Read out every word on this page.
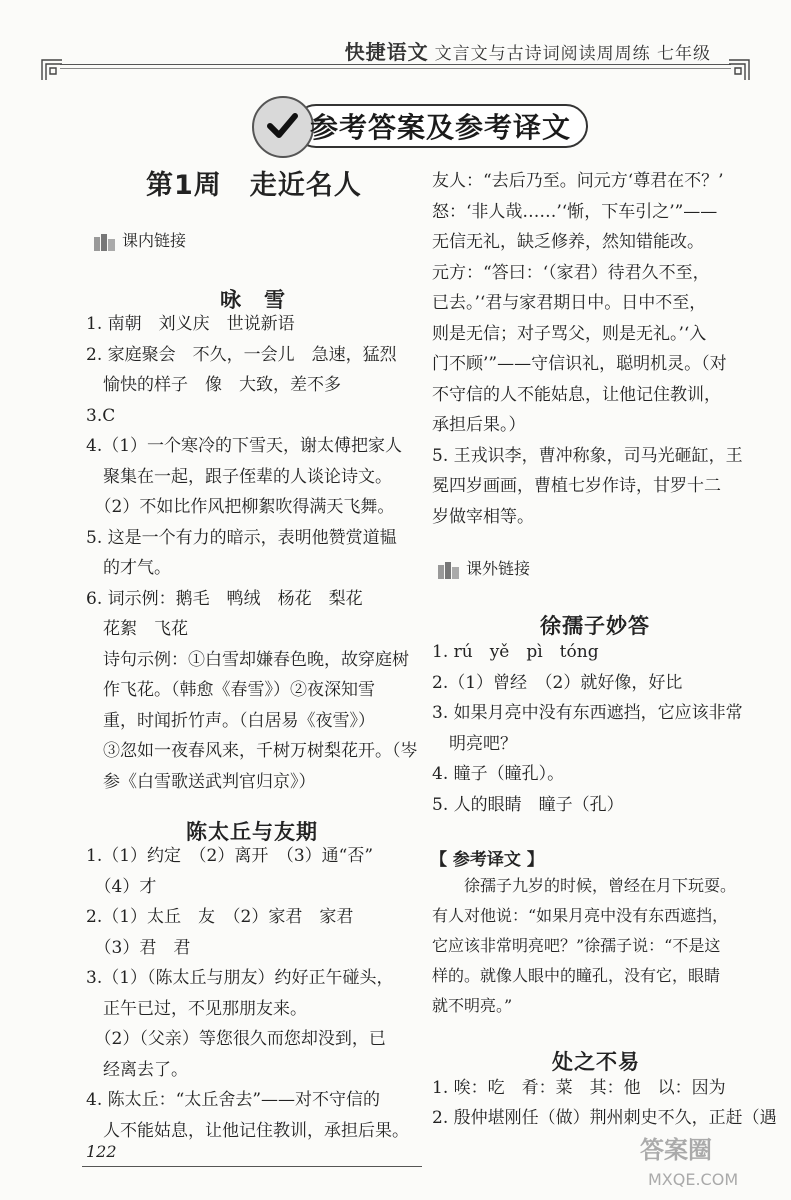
快捷语文 文言文与古诗词阅读周周练 七年级
参考答案及参考译文
第1周　走近名人
课内链接
咏　雪
1. 南朝　刘义庆　世说新语
2. 家庭聚会　不久，一会儿　急速，猛烈
　愉快的样子　像　大致，差不多
3.C
4.（1）一个寒冷的下雪天，谢太傅把家人
　聚集在一起，跟子侄辈的人谈论诗文。
　（2）不如比作风把柳絮吹得满天飞舞。
5. 这是一个有力的暗示，表明他赞赏道韫
　的才气。
6. 词示例：鹅毛　鸭绒　杨花　梨花
　花絮　飞花
　诗句示例：①白雪却嫌春色晚，故穿庭树
　作飞花。（韩愈《春雪》）②夜深知雪
　重，时闻折竹声。（白居易《夜雪》）
　③忽如一夜春风来，千树万树梨花开。（岑
　参《白雪歌送武判官归京》）
陈太丘与友期
1.（1）约定　（2）离开　（3）通“否”
　（4）才
2.（1）太丘　友　（2）家君　家君
　（3）君　君
3.（1）（陈太丘与朋友）约好正午碰头，
　正午已过，不见那朋友来。
　（2）（父亲）等您很久而您却没到，已
　经离去了。
4. 陈太丘：“太丘舍去”——对不守信的
　人不能姑息，让他记住教训，承担后果。
友人：“去后乃至。问元方‘尊君在不？’
怒：‘非人哉……’‘惭，下车引之’”——
无信无礼，缺乏修养，然知错能改。
元方：“答曰：‘（家君）待君久不至，
已去。’‘君与家君期日中。日中不至，
则是无信；对子骂父，则是无礼。’‘入
门不顾’”——守信识礼，聪明机灵。（对
不守信的人不能姑息，让他记住教训，
承担后果。）
5. 王戎识李，曹冲称象，司马光砸缸，王
冕四岁画画，曹植七岁作诗，甘罗十二
岁做宰相等。
课外链接
徐孺子妙答
1. rú　yě　pì　tóng
2.（1）曾经　（2）就好像，好比
3. 如果月亮中没有东西遮挡，它应该非常
　明亮吧？
4. 瞳子（瞳孔）。
5. 人的眼睛　瞳子（孔）
【 参考译文 】
　　徐孺子九岁的时候，曾经在月下玩耍。
有人对他说：“如果月亮中没有东西遮挡，
它应该非常明亮吧？”徐孺子说：“不是这
样的。就像人眼中的瞳孔，没有它，眼睛
就不明亮。”
处之不易
1. 唉：吃　肴：菜　其：他　以：因为
2. 殷仲堪刚任（做）荆州刺史不久，正赶（遇
122	答案圈
MXQE.COM
